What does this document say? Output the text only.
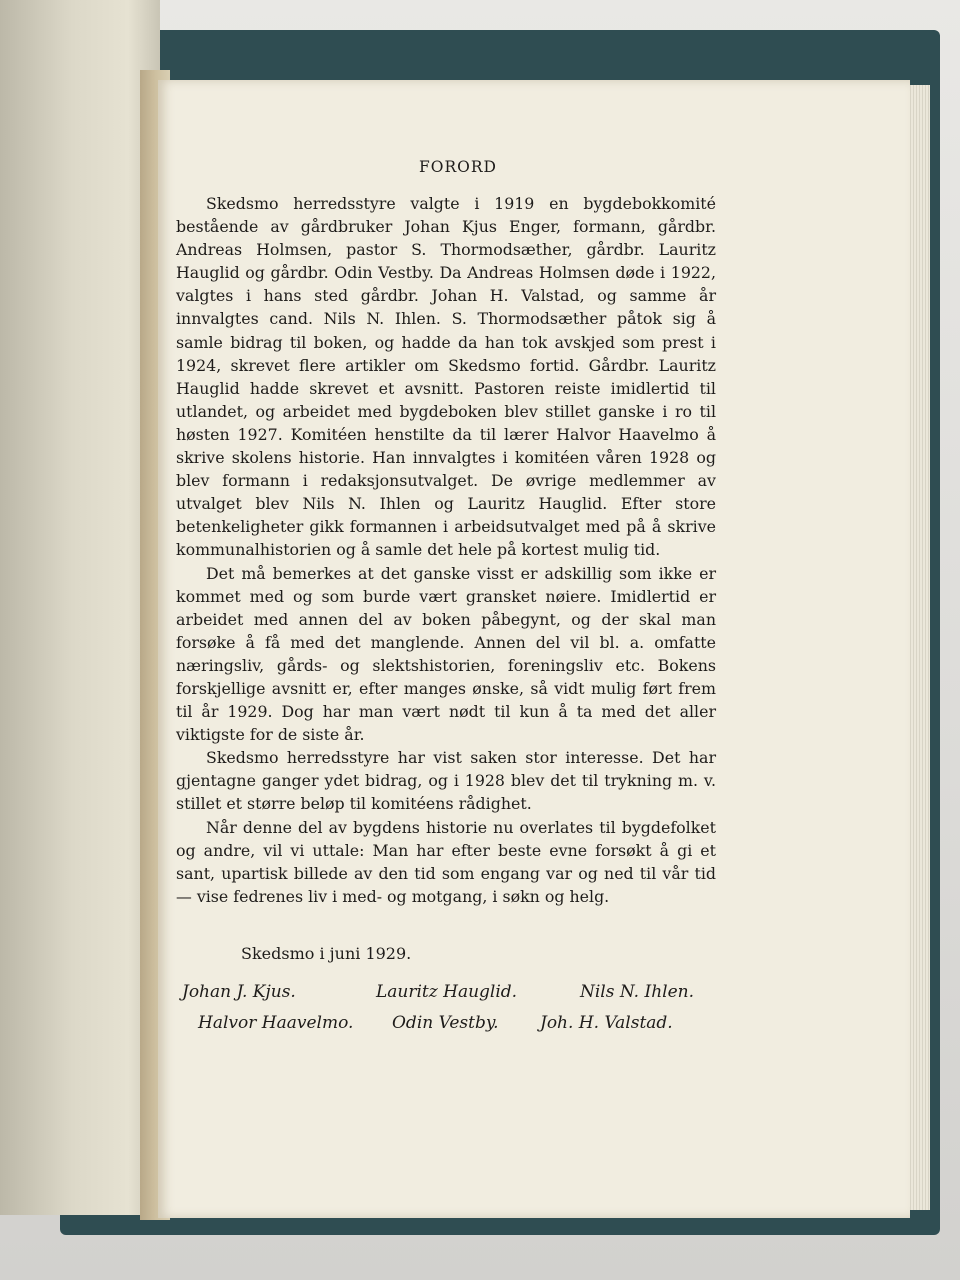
FORORD

Skedsmo herredsstyre valgte i 1919 en bygdebokkomité bestående av gårdbruker Johan Kjus Enger, formann, gårdbr. Andreas Holmsen, pastor S. Thormodsæther, gårdbr. Lauritz Hauglid og gårdbr. Odin Vestby. Da Andreas Holmsen døde i 1922, valgtes i hans sted gårdbr. Johan H. Valstad, og samme år innvalgtes cand. Nils N. Ihlen. S. Thormodsæther påtok sig å samle bidrag til boken, og hadde da han tok avskjed som prest i 1924, skrevet flere artikler om Skedsmo fortid. Gårdbr. Lauritz Hauglid hadde skrevet et avsnitt. Pastoren reiste imidlertid til utlandet, og arbeidet med bygdeboken blev stillet ganske i ro til høsten 1927. Komitéen henstilte da til lærer Halvor Haavelmo å skrive skolens historie. Han innvalgtes i komitéen våren 1928 og blev formann i redaksjonsutvalget. De øvrige medlemmer av utvalget blev Nils N. Ihlen og Lauritz Hauglid. Efter store betenkeligheter gikk formannen i arbeidsutvalget med på å skrive kommunalhistorien og å samle det hele på kortest mulig tid.

Det må bemerkes at det ganske visst er adskillig som ikke er kommet med og som burde vært gransket nøiere. Imidlertid er arbeidet med annen del av boken påbegynt, og der skal man forsøke å få med det manglende. Annen del vil bl. a. omfatte næringsliv, gårds- og slektshistorien, foreningsliv etc. Bokens forskjellige avsnitt er, efter manges ønske, så vidt mulig ført frem til år 1929. Dog har man vært nødt til kun å ta med det aller viktigste for de siste år.

Skedsmo herredsstyre har vist saken stor interesse. Det har gjentagne ganger ydet bidrag, og i 1928 blev det til trykning m. v. stillet et større beløp til komitéens rådighet.

Når denne del av bygdens historie nu overlates til bygdefolket og andre, vil vi uttale: Man har efter beste evne forsøkt å gi et sant, upartisk billede av den tid som engang var og ned til vår tid — vise fedrenes liv i med- og motgang, i søkn og helg.

Skedsmo i juni 1929.
Johan J. Kjus.	Lauritz Hauglid.	Nils N. Ihlen.
Halvor Haavelmo. Odin Vestby. Joh. H. Valstad.
